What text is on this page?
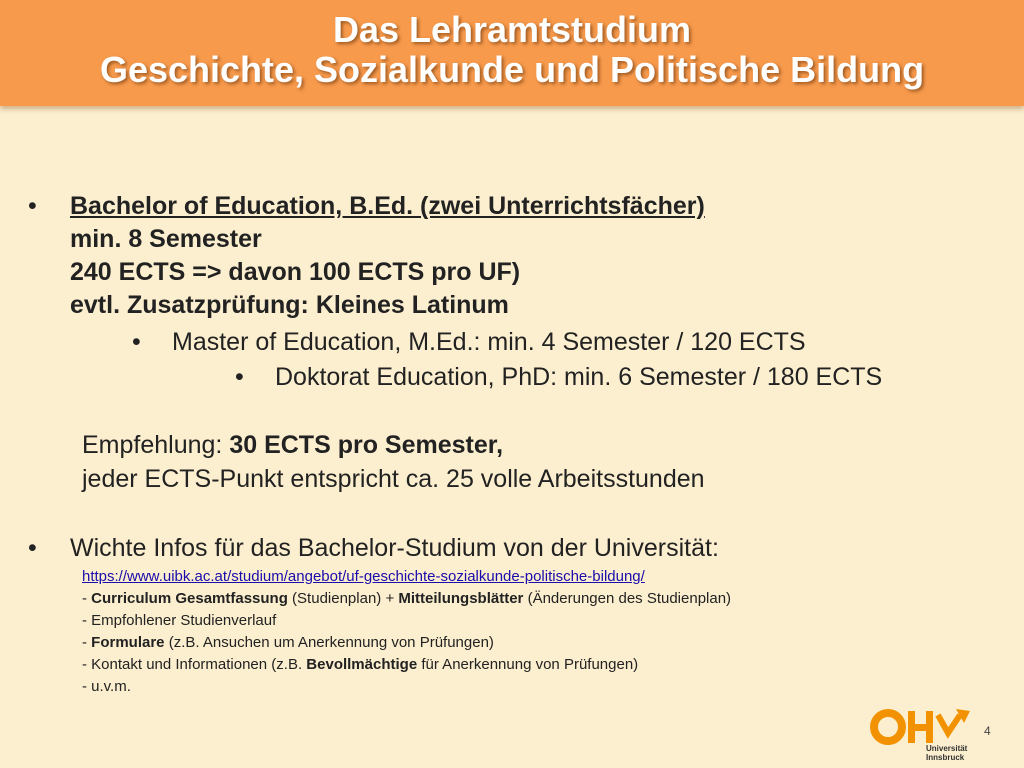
Das Lehramtstudium
Geschichte, Sozialkunde und Politische Bildung
• Bachelor of Education, B.Ed. (zwei Unterrichtsfächer)
min. 8 Semester
240 ECTS => davon 100 ECTS pro UF)
evtl. Zusatzprüfung: Kleines Latinum
• Master of Education, M.Ed.: min. 4 Semester / 120 ECTS
• Doktorat Education, PhD: min. 6 Semester / 180 ECTS
Empfehlung: 30 ECTS pro Semester,
jeder ECTS-Punkt entspricht ca. 25 volle Arbeitsstunden
• Wichte Infos für das Bachelor-Studium von der Universität:
https://www.uibk.ac.at/studium/angebot/uf-geschichte-sozialkunde-politische-bildung/
- Curriculum Gesamtfassung (Studienplan) + Mitteilungsblätter (Änderungen des Studienplan)
- Empfohlener Studienverlauf
- Formulare (z.B. Ansuchen um Anerkennung von Prüfungen)
- Kontakt und Informationen (z.B. Bevollmächtige für Anerkennung von Prüfungen)
- u.v.m.
Universität
Innsbruck
4
